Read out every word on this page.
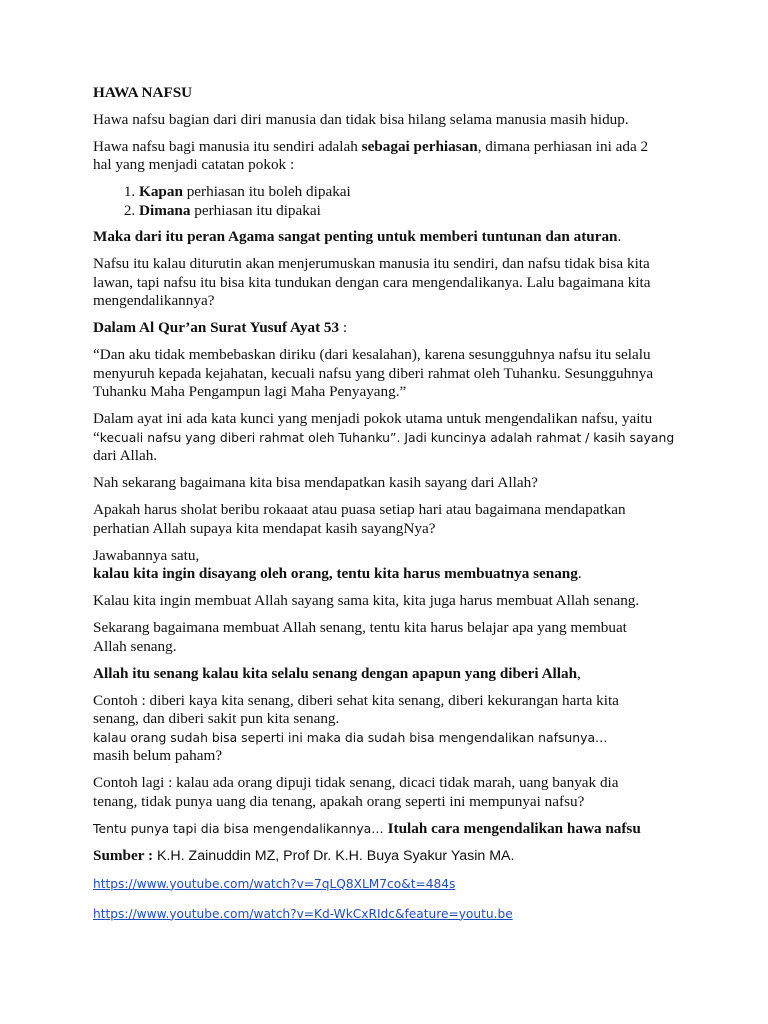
HAWA NAFSU

Hawa nafsu bagian dari diri manusia dan tidak bisa hilang selama manusia masih hidup.

Hawa nafsu bagi manusia itu sendiri adalah sebagai perhiasan, dimana perhiasan ini ada 2
hal yang menjadi catatan pokok :

1. Kapan perhiasan itu boleh dipakai
2. Dimana perhiasan itu dipakai

Maka dari itu peran Agama sangat penting untuk memberi tuntunan dan aturan.

Nafsu itu kalau diturutin akan menjerumuskan manusia itu sendiri, dan nafsu tidak bisa kita
lawan, tapi nafsu itu bisa kita tundukan dengan cara mengendalikanya. Lalu bagaimana kita
mengendalikannya?

Dalam Al Qur’an Surat Yusuf Ayat 53 :

“Dan aku tidak membebaskan diriku (dari kesalahan), karena sesungguhnya nafsu itu selalu
menyuruh kepada kejahatan, kecuali nafsu yang diberi rahmat oleh Tuhanku. Sesungguhnya
Tuhanku Maha Pengampun lagi Maha Penyayang.”

Dalam ayat ini ada kata kunci yang menjadi pokok utama untuk mengendalikan nafsu, yaitu
“kecuali nafsu yang diberi rahmat oleh Tuhanku”. Jadi kuncinya adalah rahmat / kasih sayang
dari Allah.

Nah sekarang bagaimana kita bisa mendapatkan kasih sayang dari Allah?

Apakah harus sholat beribu rokaaat atau puasa setiap hari atau bagaimana mendapatkan
perhatian Allah supaya kita mendapat kasih sayangNya?

Jawabannya satu,
kalau kita ingin disayang oleh orang, tentu kita harus membuatnya senang.

Kalau kita ingin membuat Allah sayang sama kita, kita juga harus membuat Allah senang.

Sekarang bagaimana membuat Allah senang, tentu kita harus belajar apa yang membuat
Allah senang.

Allah itu senang kalau kita selalu senang dengan apapun yang diberi Allah,

Contoh : diberi kaya kita senang, diberi sehat kita senang, diberi kekurangan harta kita
senang, dan diberi sakit pun kita senang.
kalau orang sudah bisa seperti ini maka dia sudah bisa mengendalikan nafsunya…
masih belum paham?

Contoh lagi : kalau ada orang dipuji tidak senang, dicaci tidak marah, uang banyak dia
tenang, tidak punya uang dia tenang, apakah orang seperti ini mempunyai nafsu?

Tentu punya tapi dia bisa mengendalikannya… Itulah cara mengendalikan hawa nafsu

Sumber : K.H. Zainuddin MZ, Prof Dr. K.H. Buya Syakur Yasin MA.

https://www.youtube.com/watch?v=7qLQ8XLM7co&t=484s

https://www.youtube.com/watch?v=Kd-WkCxRIdc&feature=youtu.be
